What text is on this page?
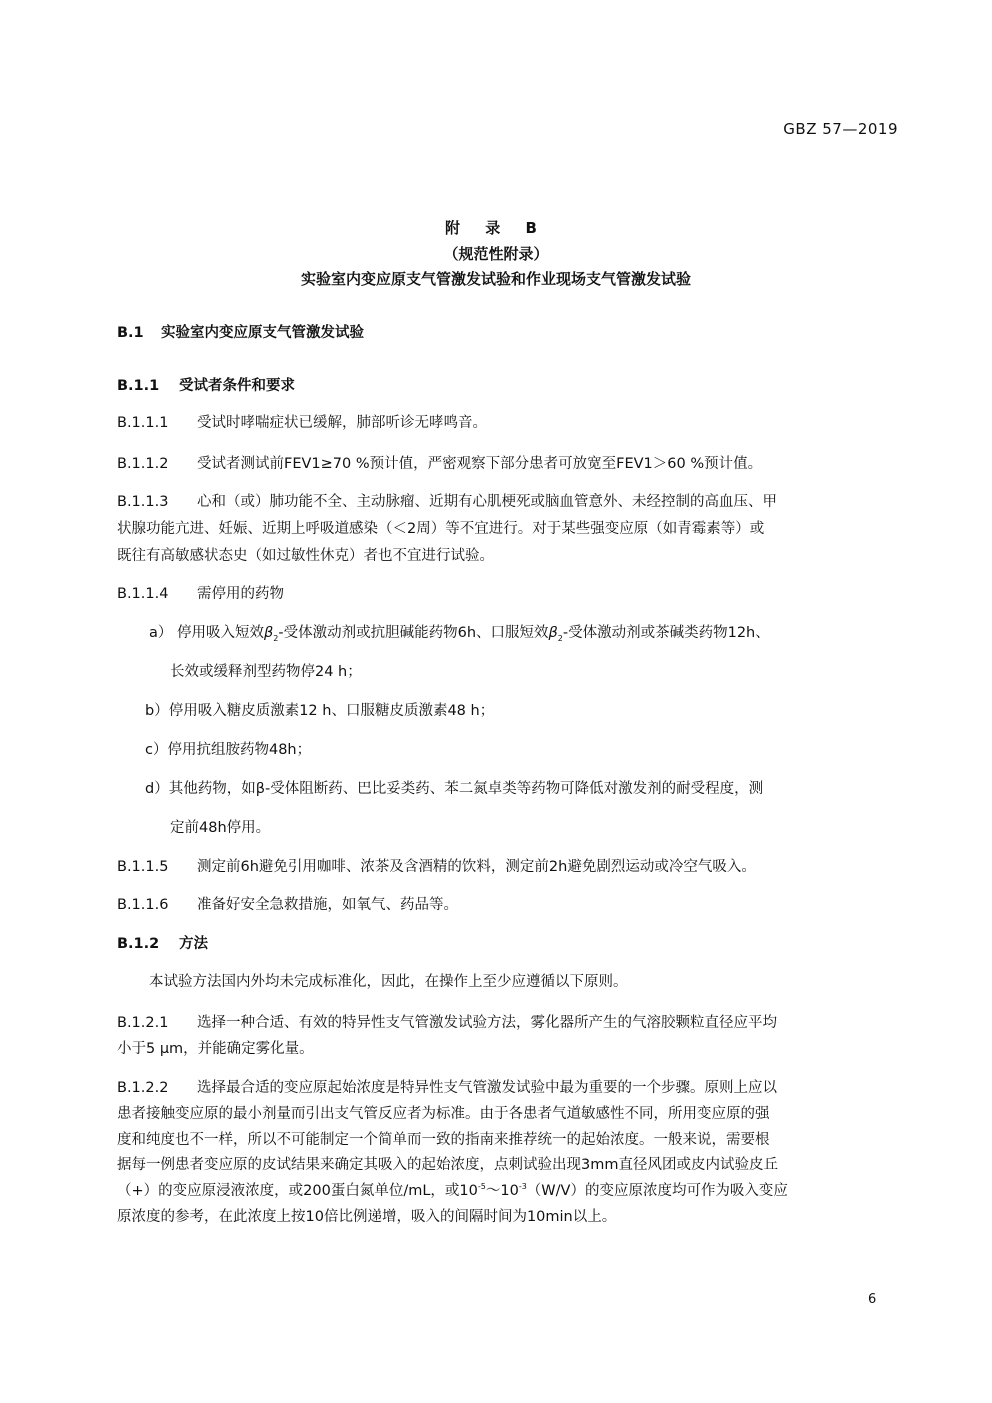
GBZ 57—2019
附 录 B
（规范性附录）
实验室内变应原支气管激发试验和作业现场支气管激发试验
B.1 实验室内变应原支气管激发试验
B.1.1 受试者条件和要求
B.1.1.1 受试时哮喘症状已缓解，肺部听诊无哮鸣音。
B.1.1.2 受试者测试前FEV1≥70 %预计值，严密观察下部分患者可放宽至FEV1＞60 %预计值。
B.1.1.3 心和（或）肺功能不全、主动脉瘤、近期有心肌梗死或脑血管意外、未经控制的高血压、甲
状腺功能亢进、妊娠、近期上呼吸道感染（＜2周）等不宜进行。对于某些强变应原（如青霉素等）或
既往有高敏感状态史（如过敏性休克）者也不宜进行试验。
B.1.1.4 需停用的药物
a） 停用吸入短效$\beta_2-$受体激动剂或抗胆碱能药物6h、口服短效$\beta_2-$受体激动剂或茶碱类药物12h、
长效或缓释剂型药物停24 h；
b）停用吸入糖皮质激素12 h、口服糖皮质激素48 h；
c）停用抗组胺药物48h；
d）其他药物，如β-受体阻断药、巴比妥类药、苯二氮卓类等药物可降低对激发剂的耐受程度，测
定前48h停用。
B.1.1.5 测定前6h避免引用咖啡、浓茶及含酒精的饮料，测定前2h避免剧烈运动或冷空气吸入。
B.1.1.6 准备好安全急救措施，如氧气、药品等。
B.1.2 方法
本试验方法国内外均未完成标准化，因此，在操作上至少应遵循以下原则。
B.1.2.1 选择一种合适、有效的特异性支气管激发试验方法，雾化器所产生的气溶胶颗粒直径应平均
小于5 μm，并能确定雾化量。
B.1.2.2 选择最合适的变应原起始浓度是特异性支气管激发试验中最为重要的一个步骤。原则上应以
患者接触变应原的最小剂量而引出支气管反应者为标准。由于各患者气道敏感性不同，所用变应原的强
度和纯度也不一样，所以不可能制定一个简单而一致的指南来推荐统一的起始浓度。一般来说，需要根
据每一例患者变应原的皮试结果来确定其吸入的起始浓度，点刺试验出现3mm直径风团或皮内试验皮丘
（+）的变应原浸液浓度，或200蛋白氮单位/mL，或$10^{-5}\sim 10^{-3}(W/V)$的变应原浓度均可作为吸入变应
原浓度的参考，在此浓度上按10倍比例递增，吸入的间隔时间为10min以上。
6
